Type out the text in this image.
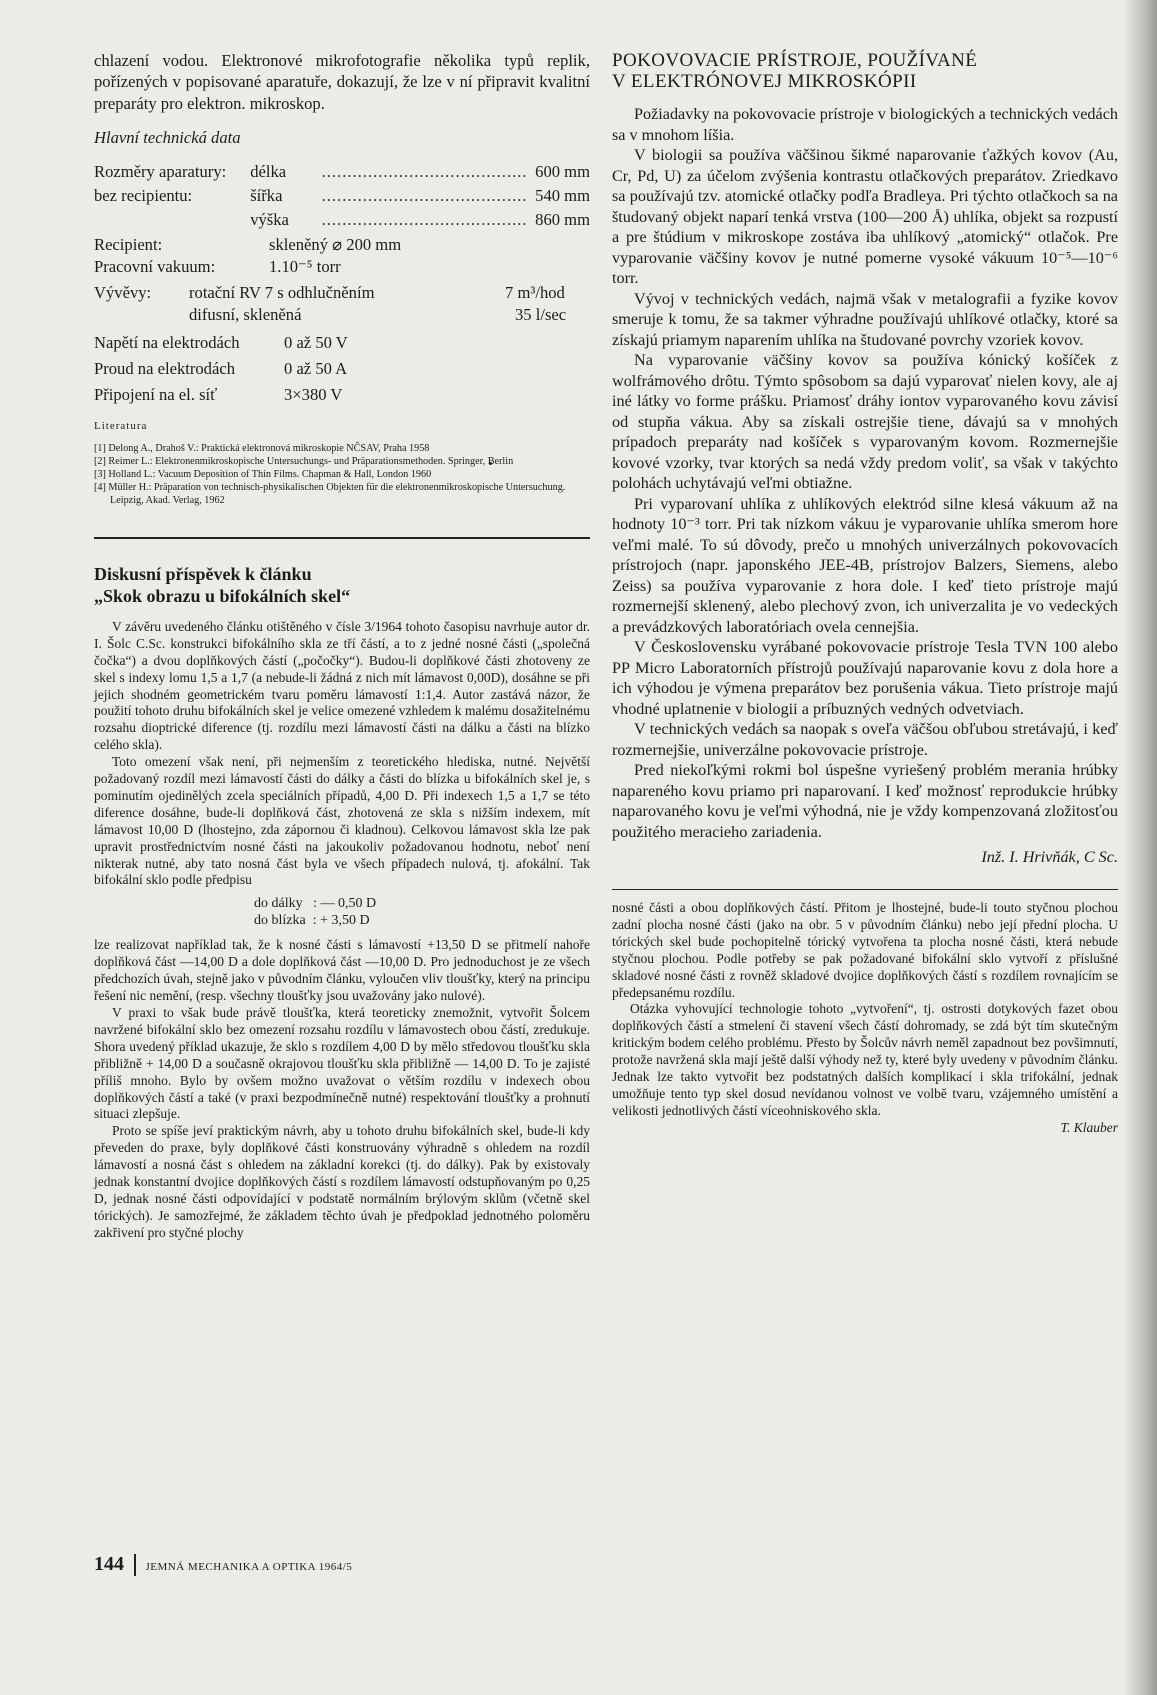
chlazení vodou. Elektronové mikrofotografie několika typů replik, pořízených v popisované aparatuře, dokazují, že lze v ní připravit kvalitní preparáty pro elektron. mikroskop.

Hlavní technická data
Rozměry aparatury:	délka	........................................ 600 mm
bez recipientu:	šířka	........................................ 540 mm
výška	........................................ 860 mm
Recipient:	skleněný ⌀ 200 mm
Pracovní vakuum:	1.10⁻⁵ torr
Vývěvy:	rotační RV 7 s odhlučněním	7 m³/hod
difusní, skleněná	35 l/sec
Napětí na elektrodách	0 až 50 V
Proud na elektrodách	0 až 50 A
Připojení na el. síť	3×380 V
Literatura
[1] Delong A., Drahoš V.: Praktická elektronová mikroskopie NČSAV, Praha 1958
[2] Reimer L.: Elektronenmikroskopische Untersuchungs- und Präparationsmethoden. Springer, Berlin
[3] Holland L.: Vacuum Deposition of Thin Films. Chapman & Hall, London 1960
[4] Müller H.: Präparation von technisch-physikalischen Objekten für die elektronenmikroskopische Untersuchung. Leipzig, Akad. Verlag, 1962
Diskusní příspěvek k článku
„Skok obrazu u bifokálních skel“

V závěru uvedeného článku otištěného v čísle 3/1964 tohoto časopisu navrhuje autor dr. I. Šolc C.Sc. konstrukci bifokálního skla ze tří částí, a to z jedné nosné části („společná čočka“) a dvou doplňkových částí („počočky“). Budou-li doplňkové části zhotoveny ze skel s indexy lomu 1,5 a 1,7 (a nebude-li žádná z nich mít lámavost 0,00D), dosáhne se při jejich shodném geometrickém tvaru poměru lámavostí 1:1,4. Autor zastává názor, že použití tohoto druhu bifokálních skel je velice omezené vzhledem k malému dosažitelnému rozsahu dioptrické diference (tj. rozdílu mezi lámavostí části na dálku a části na blízko celého skla).

Toto omezení však není, při nejmenším z teoretického hlediska, nutné. Největší požadovaný rozdíl mezi lámavostí části do dálky a části do blízka u bifokálních skel je, s pominutím ojedinělých zcela speciálních případů, 4,00 D. Při indexech 1,5 a 1,7 se této diference dosáhne, bude-li doplňková část, zhotovená ze skla s nižším indexem, mít lámavost 10,00 D (lhostejno, zda zápornou či kladnou). Celkovou lámavost skla lze pak upravit prostřednictvím nosné části na jakoukoliv požadovanou hodnotu, neboť není nikterak nutné, aby tato nosná část byla ve všech případech nulová, tj. afokální. Tak bifokální sklo podle předpisu

do dálky   : — 0,50 D
do blízka  : + 3,50 D

lze realizovat například tak, že k nosné části s lámavostí +13,50 D se přitmelí nahoře doplňková část —14,00 D a dole doplňková část —10,00 D. Pro jednoduchost je ze všech předchozích úvah, stejně jako v původním článku, vyloučen vliv tloušťky, který na principu řešení nic nemění, (resp. všechny tloušťky jsou uvažovány jako nulové).

V praxi to však bude právě tloušťka, která teoreticky znemožnit, vytvořit Šolcem navržené bifokální sklo bez omezení rozsahu rozdílu v lámavostech obou částí, zredukuje. Shora uvedený příklad ukazuje, že sklo s rozdílem 4,00 D by mělo středovou tloušťku skla přibližně + 14,00 D a současně okrajovou tloušťku skla přibližně — 14,00 D. To je zajisté příliš mnoho. Bylo by ovšem možno uvažovat o větším rozdílu v indexech obou doplňkových částí a také (v praxi bezpodmínečně nutné) respektování tloušťky a prohnutí situaci zlepšuje.

Proto se spíše jeví praktickým návrh, aby u tohoto druhu bifokálních skel, bude-li kdy převeden do praxe, byly doplňkové části konstruovány výhradně s ohledem na rozdíl lámavostí a nosná část s ohledem na základní korekci (tj. do dálky). Pak by existovaly jednak konstantní dvojice doplňkových částí s rozdílem lámavostí odstupňovaným po 0,25 D, jednak nosné části odpovídající v podstatě normálním brýlovým sklům (včetně skel tórických). Je samozřejmé, že základem těchto úvah je předpoklad jednotného poloměru zakřivení pro styčné plochy

POKOVOVACIE PRÍSTROJE, POUŽÍVANÉ
V ELEKTRÓNOVEJ MIKROSKÓPII

Požiadavky na pokovovacie prístroje v biologických a technických vedách sa v mnohom líšia.

V biologii sa používa väčšinou šikmé naparovanie ťažkých kovov (Au, Cr, Pd, U) za účelom zvýšenia kontrastu otlačkových preparátov. Zriedkavo sa používajú tzv. atomické otlačky podľa Bradleya. Pri týchto otlačkoch sa na študovaný objekt naparí tenká vrstva (100—200 Å) uhlíka, objekt sa rozpustí a pre štúdium v mikroskope zostáva iba uhlíkový „atomický“ otlačok. Pre vyparovanie väčšiny kovov je nutné pomerne vysoké vákuum 10⁻⁵—10⁻⁶ torr.

Vývoj v technických vedách, najmä však v metalografii a fyzike kovov smeruje k tomu, že sa takmer výhradne používajú uhlíkové otlačky, ktoré sa získajú priamym naparením uhlíka na študované povrchy vzoriek kovov.

Na vyparovanie väčšiny kovov sa používa kónický košíček z wolfrámového drôtu. Týmto spôsobom sa dajú vyparovať nielen kovy, ale aj iné látky vo forme prášku. Priamosť dráhy iontov vyparovaného kovu závisí od stupňa vákua. Aby sa získali ostrejšie tiene, dávajú sa v mnohých prípadoch preparáty nad košíček s vyparovaným kovom. Rozmernejšie kovové vzorky, tvar ktorých sa nedá vždy predom voliť, sa však v takýchto polohách uchytávajú veľmi obtiažne.

Pri vyparovaní uhlíka z uhlíkových elektród silne klesá vákuum až na hodnoty 10⁻³ torr. Pri tak nízkom vákuu je vyparovanie uhlíka smerom hore veľmi malé. To sú dôvody, prečo u mnohých univerzálnych pokovovacích prístrojoch (napr. japonského JEE-4B, prístrojov Balzers, Siemens, alebo Zeiss) sa používa vyparovanie z hora dole. I keď tieto prístroje majú rozmernejší sklenený, alebo plechový zvon, ich univerzalita je vo vedeckých a prevádzkových laboratóriach ovela cennejšia.

V Československu vyrábané pokovovacie prístroje Tesla TVN 100 alebo PP Micro Laboratorních přístrojů používajú naparovanie kovu z dola hore a ich výhodou je výmena preparátov bez porušenia vákua. Tieto prístroje majú vhodné uplatnenie v biologii a príbuzných vedných odvetviach.

V technických vedách sa naopak s oveľa väčšou obľubou stretávajú, i keď rozmernejšie, univerzálne pokovovacie prístroje.

Pred niekoľkými rokmi bol úspešne vyriešený problém merania hrúbky napareného kovu priamo pri naparovaní. I keď možnosť reprodukcie hrúbky naparovaného kovu je veľmi výhodná, nie je vždy kompenzovaná zložitosťou použitého meracieho zariadenia.

Inž. I. Hrivňák, C Sc.

nosné části a obou doplňkových částí. Přitom je lhostejné, bude-li touto styčnou plochou zadní plocha nosné části (jako na obr. 5 v původním článku) nebo její přední plocha. U tórických skel bude pochopitelně tórický vytvořena ta plocha nosné části, která nebude styčnou plochou. Podle potřeby se pak požadované bifokální sklo vytvoří z příslušné skladové nosné části z rovněž skladové dvojice doplňkových částí s rozdílem rovnajícím se předepsanému rozdílu.

Otázka vyhovující technologie tohoto „vytvoření“, tj. ostrosti dotykových fazet obou doplňkových částí a stmelení či stavení všech částí dohromady, se zdá být tím skutečným kritickým bodem celého problému. Přesto by Šolcův návrh neměl zapadnout bez povšimnutí, protože navržená skla mají ještě další výhody než ty, které byly uvedeny v původním článku. Jednak lze takto vytvořit bez podstatných dalších komplikací i skla trifokální, jednak umožňuje tento typ skel dosud nevídanou volnost ve volbě tvaru, vzájemného umístění a velikosti jednotlivých částí víceohniskového skla.

T. Klauber
144 JEMNÁ MECHANIKA A OPTIKA 1964/5
